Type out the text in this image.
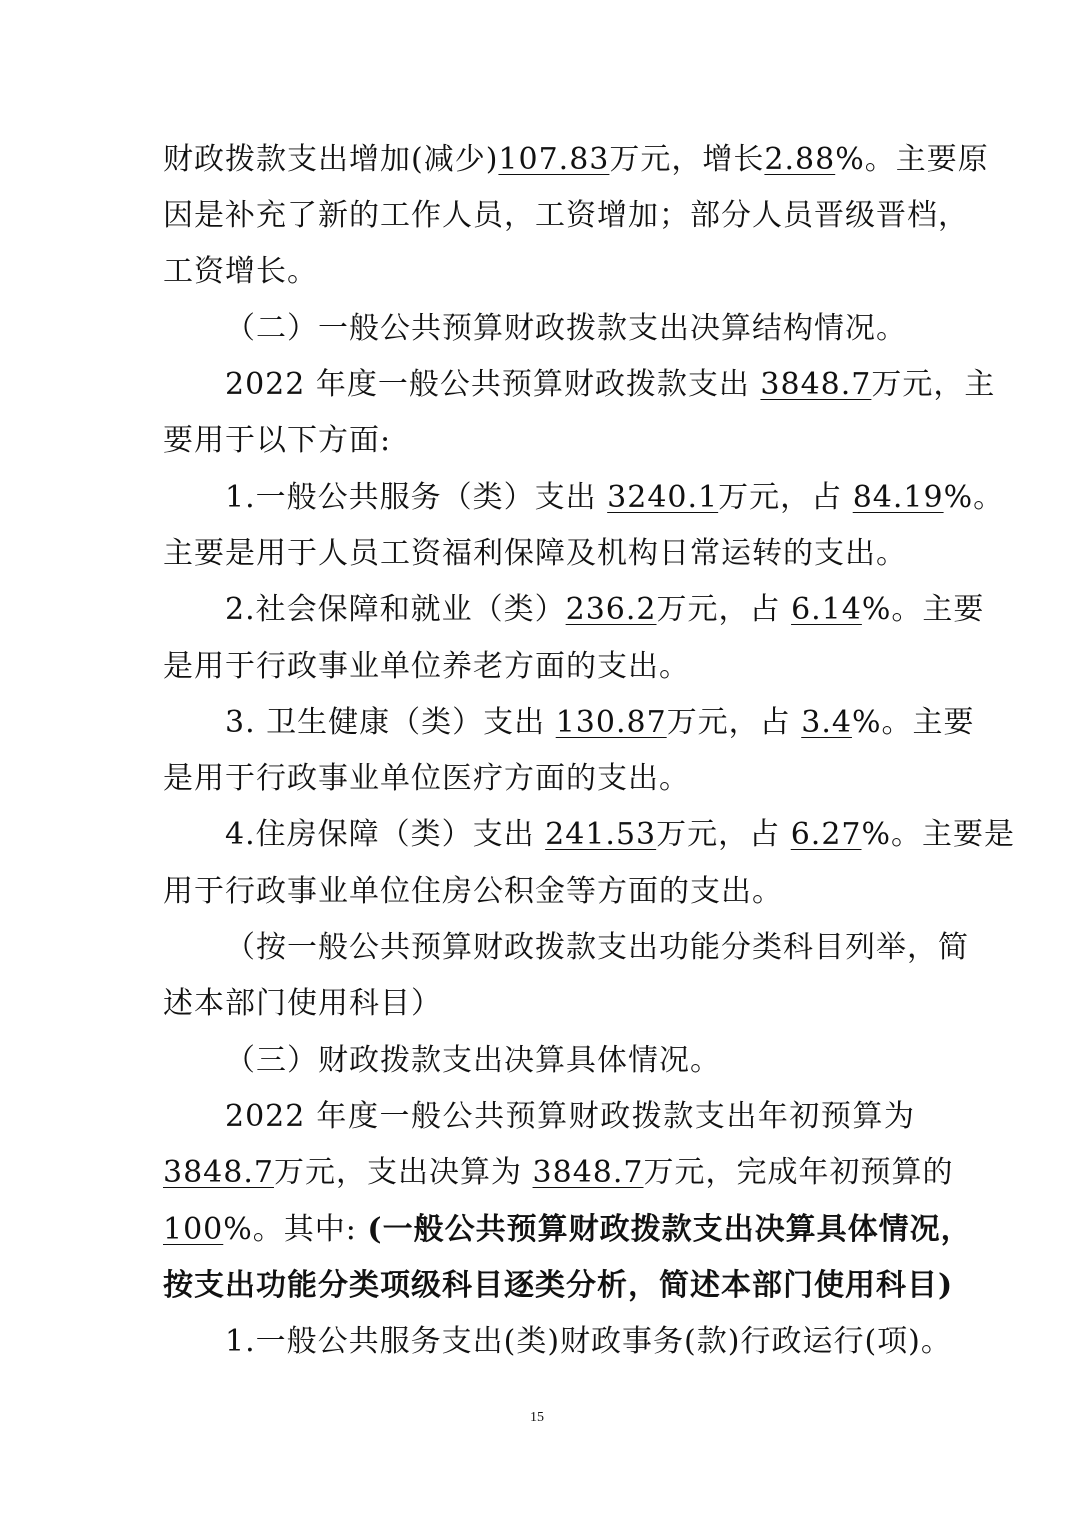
财政拨款支出增加(减少)107.83万元，增长2.88%。主要原
因是补充了新的工作人员，工资增加；部分人员晋级晋档，
工资增长。
（二）一般公共预算财政拨款支出决算结构情况。
2022 年度一般公共预算财政拨款支出 3848.7万元，主
要用于以下方面:
1.一般公共服务（类）支出 3240.1万元，占 84.19%。
主要是用于人员工资福利保障及机构日常运转的支出。
2.社会保障和就业（类）236.2万元，占 6.14%。主要
是用于行政事业单位养老方面的支出。
3. 卫生健康（类）支出 130.87万元，占 3.4%。主要
是用于行政事业单位医疗方面的支出。
4.住房保障（类）支出 241.53万元，占 6.27%。主要是
用于行政事业单位住房公积金等方面的支出。
（按一般公共预算财政拨款支出功能分类科目列举，简
述本部门使用科目）
（三）财政拨款支出决算具体情况。
2022 年度一般公共预算财政拨款支出年初预算为
3848.7万元，支出决算为 3848.7万元，完成年初预算的
100%。其中: (一般公共预算财政拨款支出决算具体情况，
按支出功能分类项级科目逐类分析，简述本部门使用科目)
1.一般公共服务支出(类)财政事务(款)行政运行(项)。
15
